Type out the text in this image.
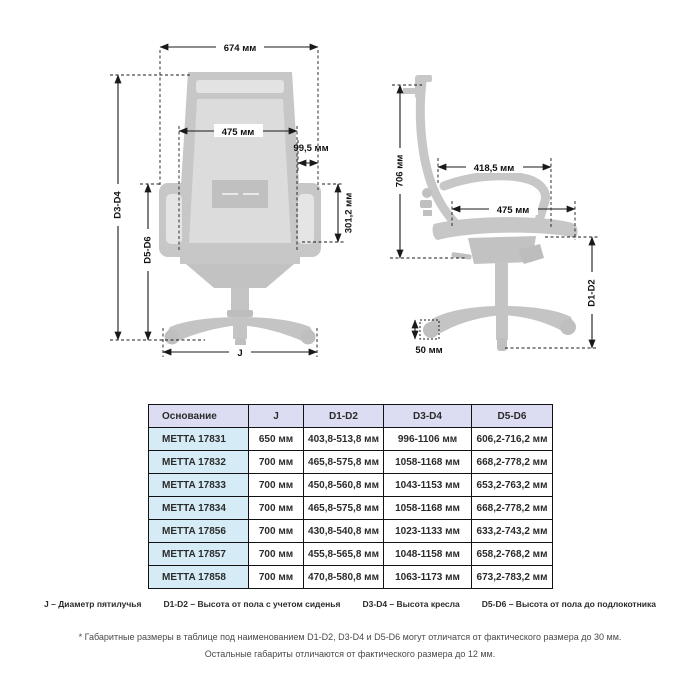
674 мм
475 мм
99,5 мм
301,2 мм
D3-D4
D5-D6
J
706 мм	418,5 мм
475 мм
D1-D2
50 мм
Основание	J	D1-D2	D3-D4	D5-D6
METTA 17831	650 мм	403,8-513,8 мм	996-1106 мм	606,2-716,2 мм
METTA 17832	700 мм	465,8-575,8 мм	1058-1168 мм	668,2-778,2 мм
METTA 17833	700 мм	450,8-560,8 мм	1043-1153 мм	653,2-763,2 мм
METTA 17834	700 мм	465,8-575,8 мм	1058-1168 мм	668,2-778,2 мм
METTA 17856	700 мм	430,8-540,8 мм	1023-1133 мм	633,2-743,2 мм
METTA 17857	700 мм	455,8-565,8 мм	1048-1158 мм	658,2-768,2 мм
METTA 17858	700 мм	470,8-580,8 мм	1063-1173 мм	673,2-783,2 мм
J – Диаметр пятилучья	D1-D2 – Высота от пола с учетом сиденья	D3-D4 – Высота кресла	D5-D6 – Высота от пола до подлокотника
* Габаритные размеры в таблице под наименованием D1-D2, D3-D4 и D5-D6 могут отличатся от фактического размера до 30 мм.
Остальные габариты отличаются от фактического размера до 12 мм.
